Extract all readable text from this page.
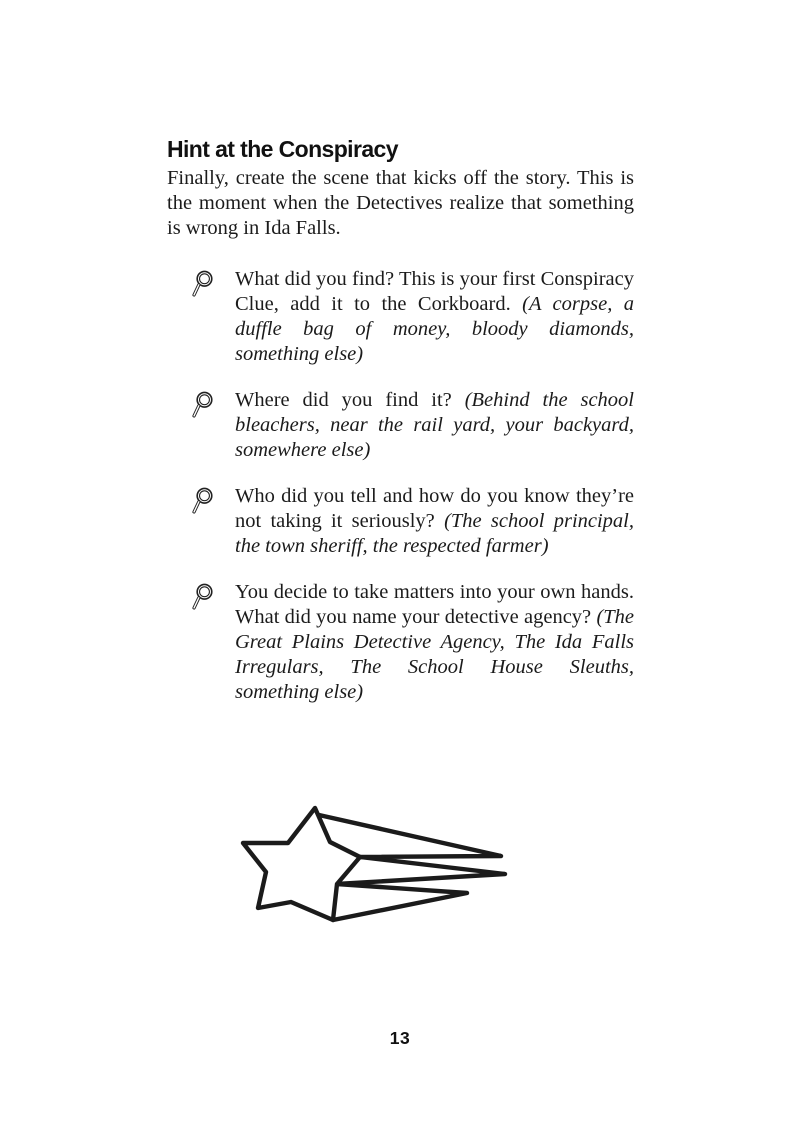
Hint at the Conspiracy

Finally, create the scene that kicks off the story. This is the moment when the Detectives realize that something is wrong in Ida Falls.

What did you find? This is your first Conspiracy Clue, add it to the Corkboard. (A corpse, a duffle bag of money, bloody diamonds, something else)
Where did you find it? (Behind the school bleachers, near the rail yard, your backyard, somewhere else)
Who did you tell and how do you know they’re not taking it seriously? (The school principal, the town sheriff, the respected farmer)
You decide to take matters into your own hands. What did you name your detective agency? (The Great Plains Detective Agency, The Ida Falls Irregulars, The School House Sleuths, something else)
13
